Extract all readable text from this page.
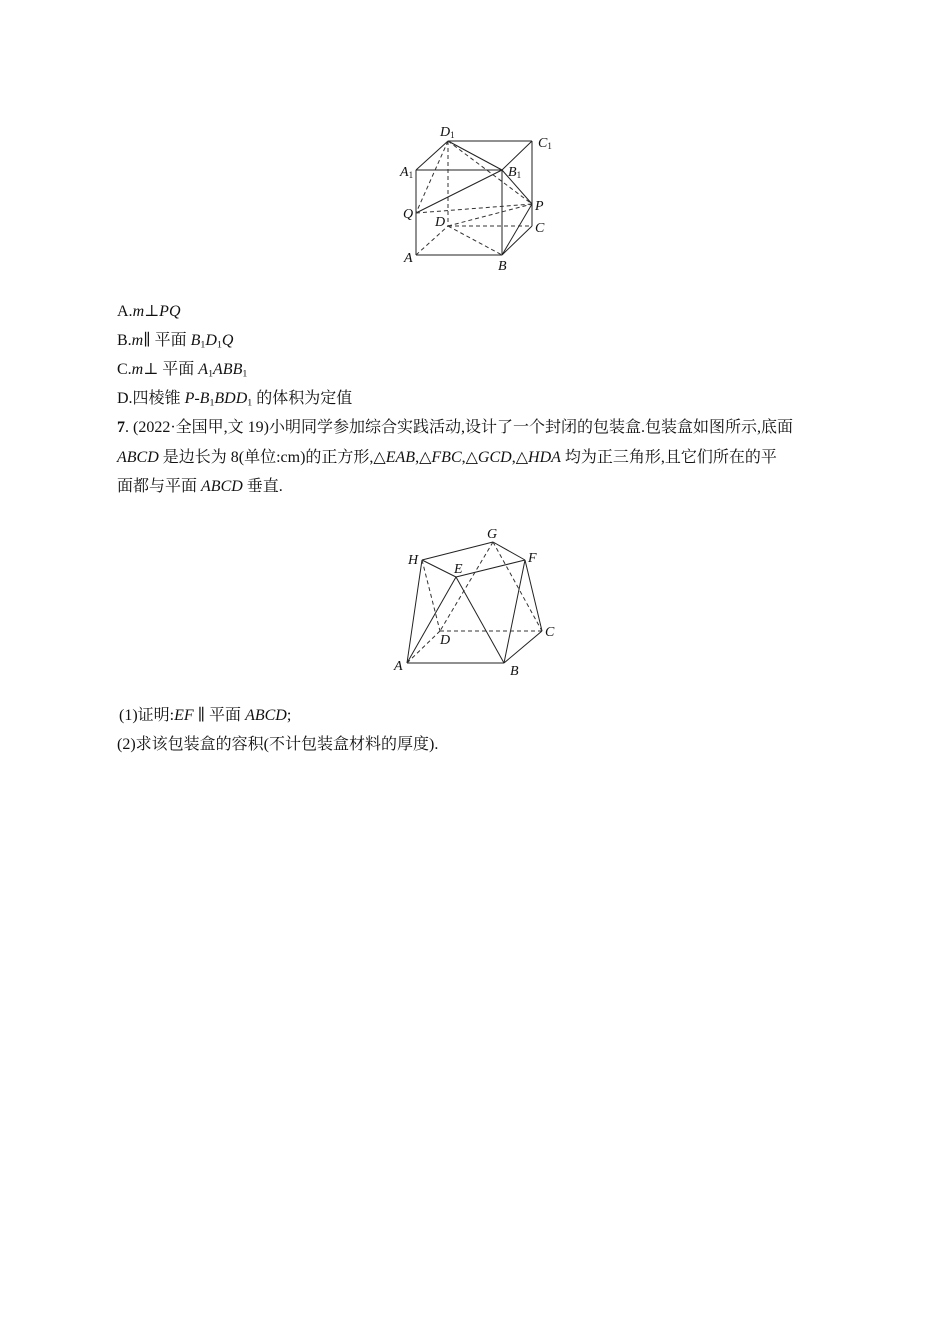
D1
C1
A1	B1
Q
P
D	C
A
B
A.m⊥PQ
B.m∥ 平面 $B_1D_1Q$
C.m⊥ 平面 $A_1ABB_1$
D.四棱锥 $P-B_1BDD_1$ 的体积为定值
7. (2022·全国甲,文 19)小明同学参加综合实践活动,设计了一个封闭的包装盒.包装盒如图所示,底面
ABCD 是边长为 8(单位:cm)的正方形,△EAB,△FBC,△GCD,△HDA 均为正三角形,且它们所在的平
面都与平面 ABCD 垂直.
G
H
E
F
D
C
A	B
(1)证明:EF ∥ 平面 ABCD;
(2)求该包装盒的容积(不计包装盒材料的厚度).
